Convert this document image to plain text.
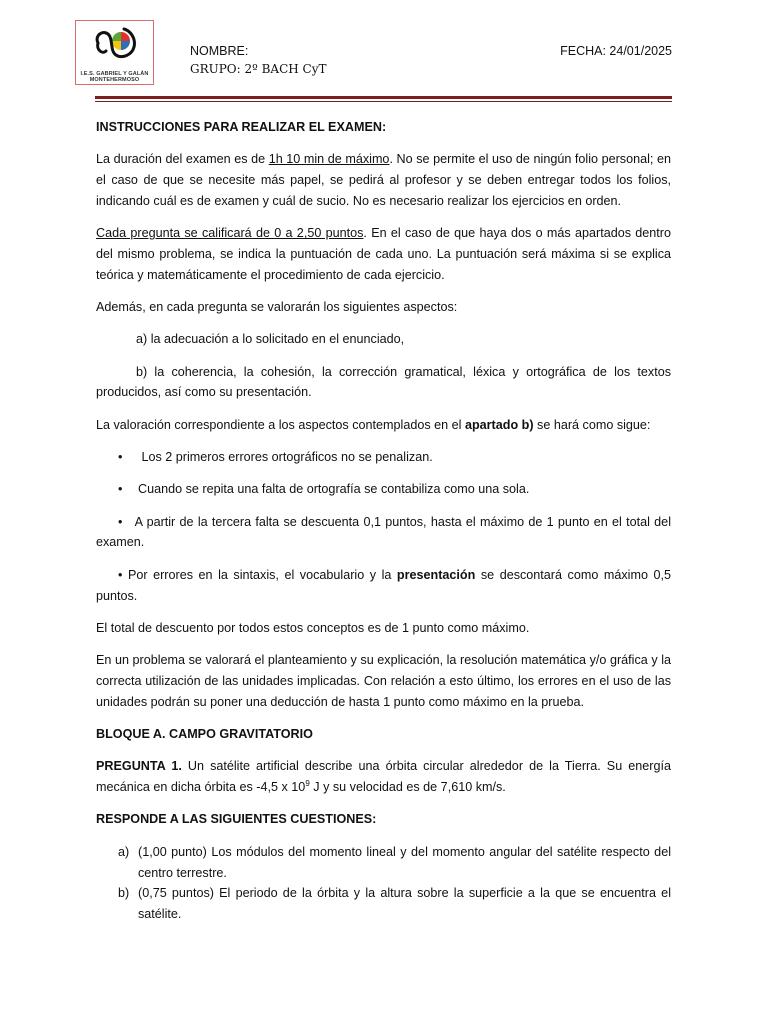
I.E.S. GABRIEL Y GALÁN
MONTEHERMOSO
NOMBRE:
GRUPO: 2º BACH CyT
FECHA: 24/01/2025

INSTRUCCIONES PARA REALIZAR EL EXAMEN:

La duración del examen es de 1h 10 min de máximo. No se permite el uso de ningún folio personal; en el caso de que se necesite más papel, se pedirá al profesor y se deben entregar todos los folios, indicando cuál es de examen y cuál de sucio. No es necesario realizar los ejercicios en orden.

Cada pregunta se calificará de 0 a 2,50 puntos. En el caso de que haya dos o más apartados dentro del mismo problema, se indica la puntuación de cada uno. La puntuación será máxima si se explica teórica y matemáticamente el procedimiento de cada ejercicio.

Además, en cada pregunta se valorarán los siguientes aspectos:

a) la adecuación a lo solicitado en el enunciado,

b) la coherencia, la cohesión, la corrección gramatical, léxica y ortográfica de los textos producidos, así como su presentación.

La valoración correspondiente a los aspectos contemplados en el apartado b) se hará como sigue:

• Los 2 primeros errores ortográficos no se penalizan.

• Cuando se repita una falta de ortografía se contabiliza como una sola.

• A partir de la tercera falta se descuenta 0,1 puntos, hasta el máximo de 1 punto en el total del examen.

• Por errores en la sintaxis, el vocabulario y la presentación se descontará como máximo 0,5 puntos.

El total de descuento por todos estos conceptos es de 1 punto como máximo.

En un problema se valorará el planteamiento y su explicación, la resolución matemática y/o gráfica y la correcta utilización de las unidades implicadas. Con relación a esto último, los errores en el uso de las unidades podrán su poner una deducción de hasta 1 punto como máximo en la prueba.

BLOQUE A. CAMPO GRAVITATORIO

PREGUNTA 1. Un satélite artificial describe una órbita circular alrededor de la Tierra. Su energía mecánica en dicha órbita es -4,5 x $10^9$ J y su velocidad es de 7,610 km/s.

RESPONDE A LAS SIGUIENTES CUESTIONES:

a) (1,00 punto) Los módulos del momento lineal y del momento angular del satélite respecto del centro terrestre.
b) (0,75 puntos) El periodo de la órbita y la altura sobre la superficie a la que se encuentra el satélite.
